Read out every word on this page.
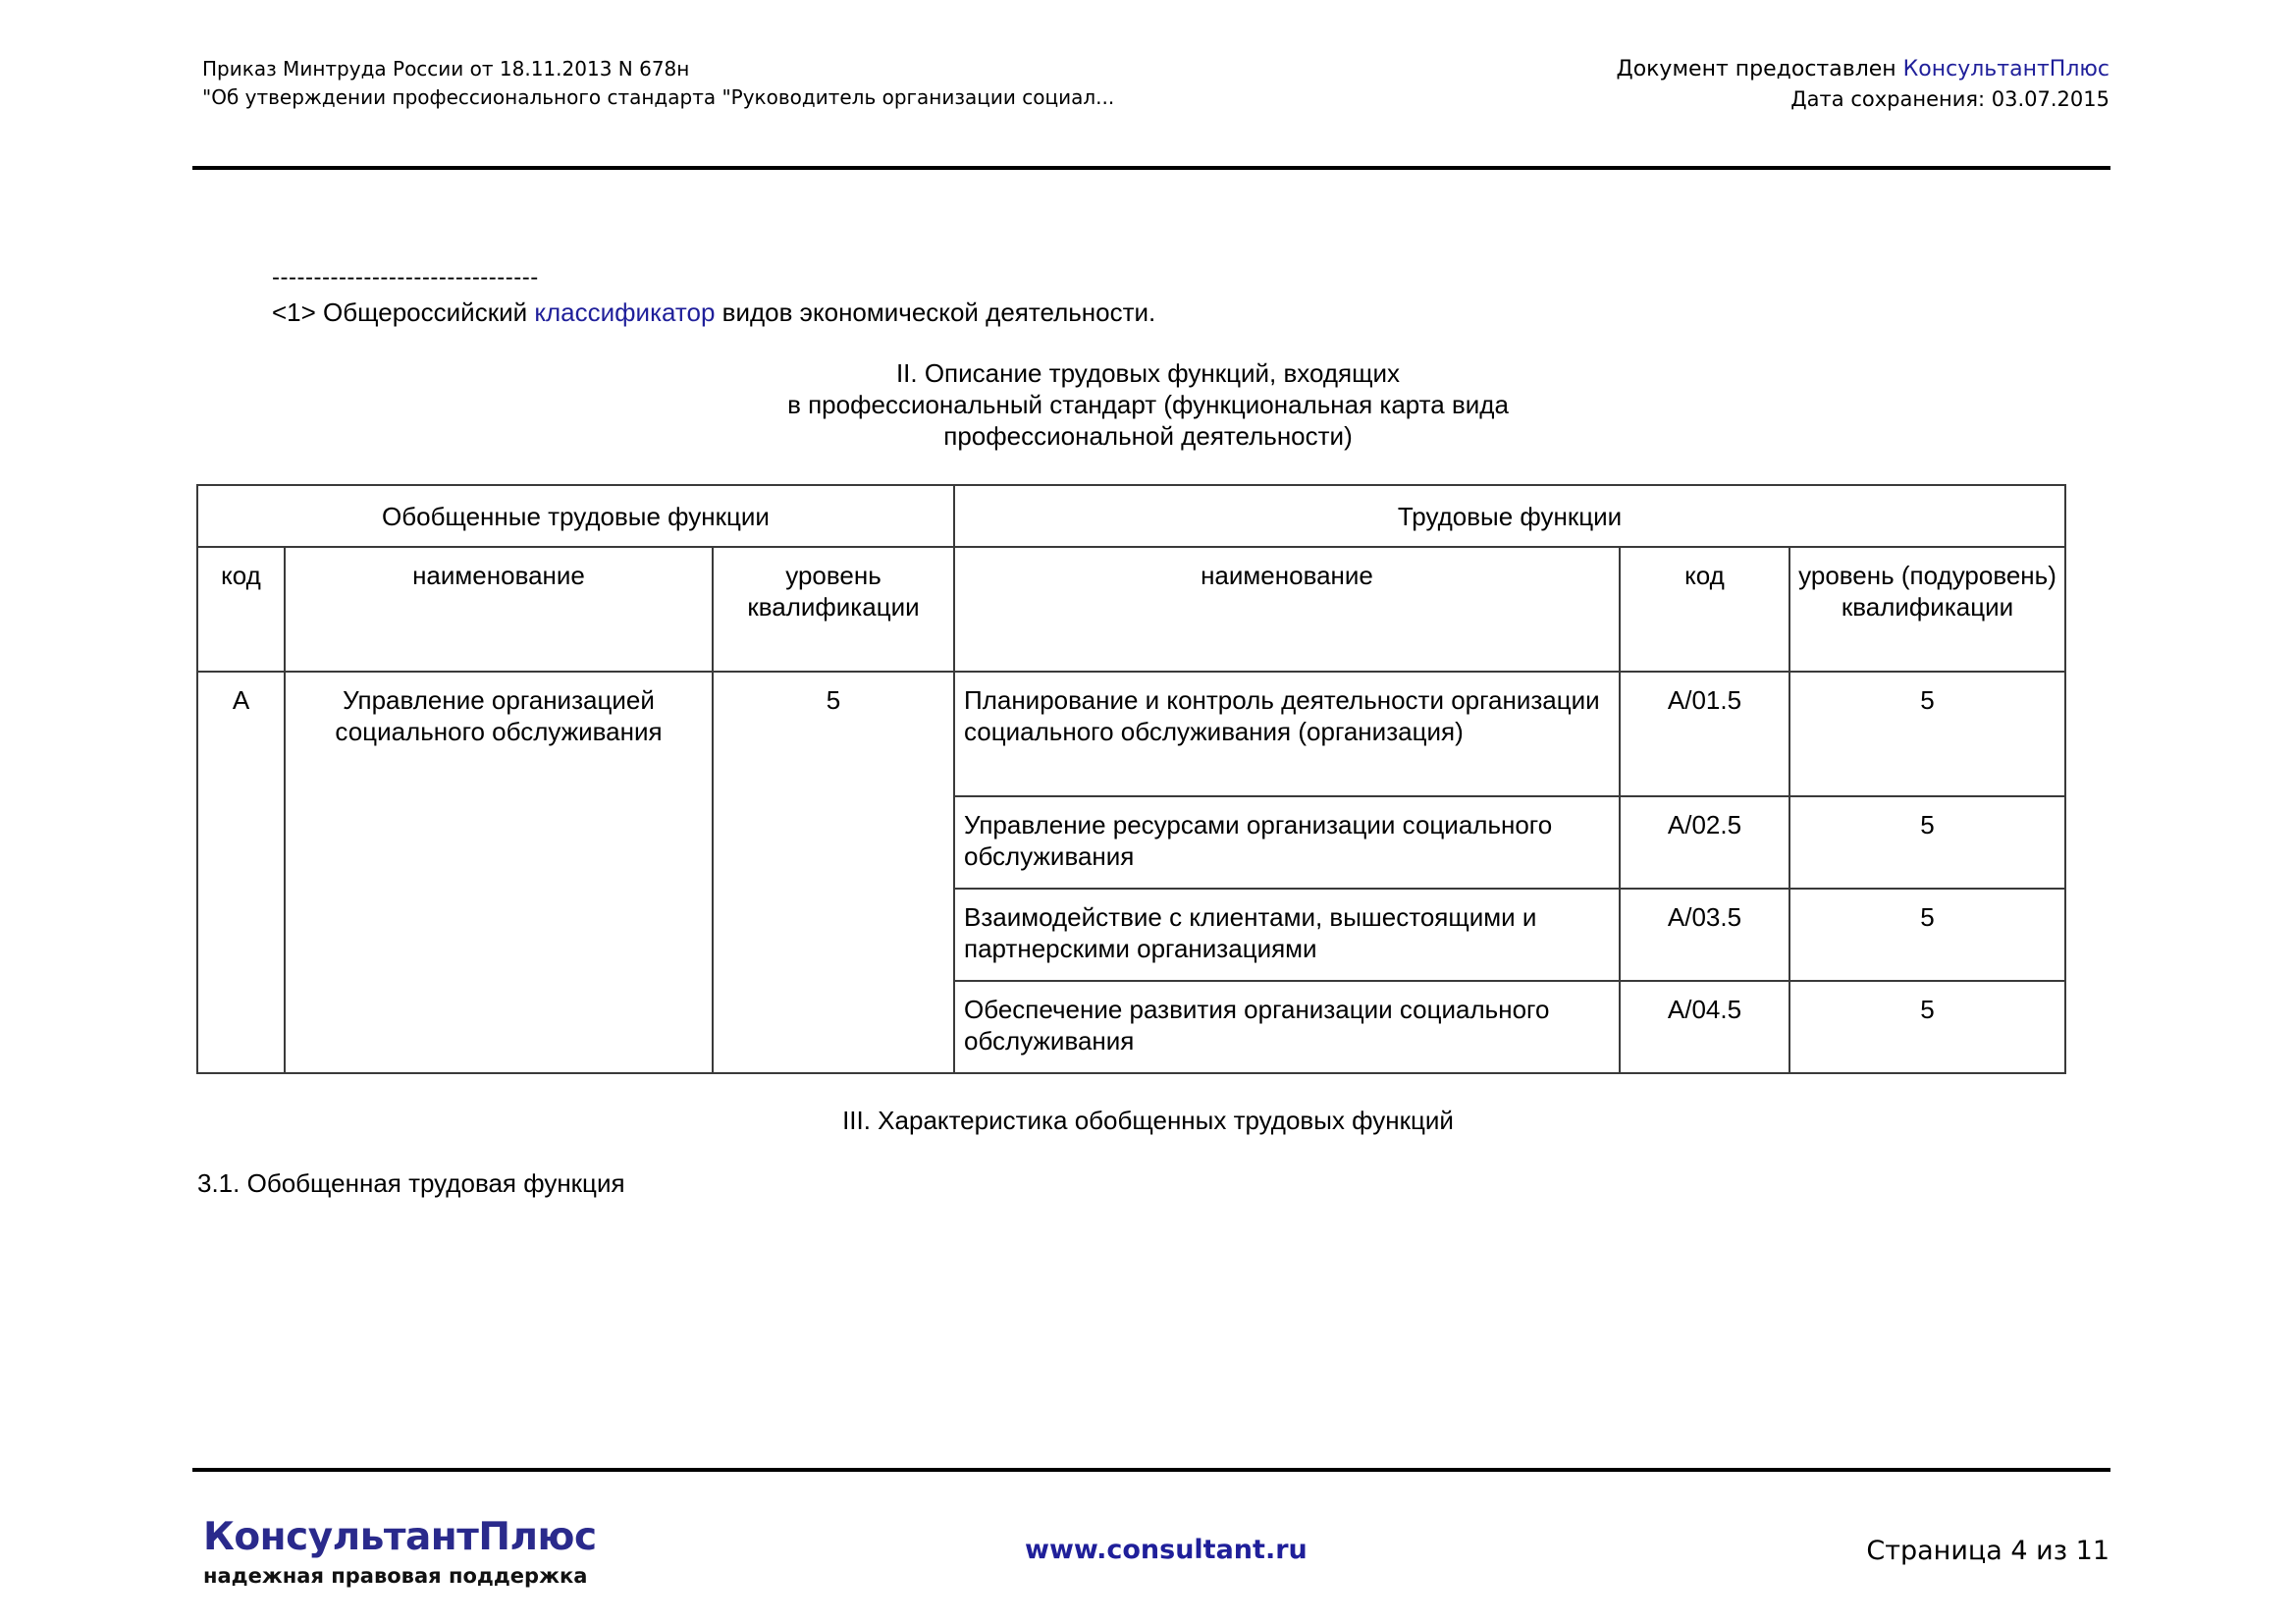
Приказ Минтруда России от 18.11.2013 N 678н
"Об утверждении профессионального стандарта "Руководитель организации социал...
Документ предоставлен КонсультантПлюс
Дата сохранения: 03.07.2015
--------------------------------
<1> Общероссийский классификатор видов экономической деятельности.
II. Описание трудовых функций, входящих
в профессиональный стандарт (функциональная карта вида
профессиональной деятельности)
Обобщенные трудовые функции			Трудовые функции		
код	наименование	уровень квалификации	наименование	код	уровень (подуровень) квалификации
A	Управление организацией социального обслуживания	5	Планирование и контроль деятельности организации социального обслуживания (организация)	A/01.5	5
			Управление ресурсами организации социального обслуживания	A/02.5	5
			Взаимодействие с клиентами, вышестоящими и партнерскими организациями	A/03.5	5
			Обеспечение развития организации социального обслуживания	A/04.5	5
III. Характеристика обобщенных трудовых функций
3.1. Обобщенная трудовая функция
КонсультантПлюс
надежная правовая поддержка
www.consultant.ru	Страница 4 из 11
